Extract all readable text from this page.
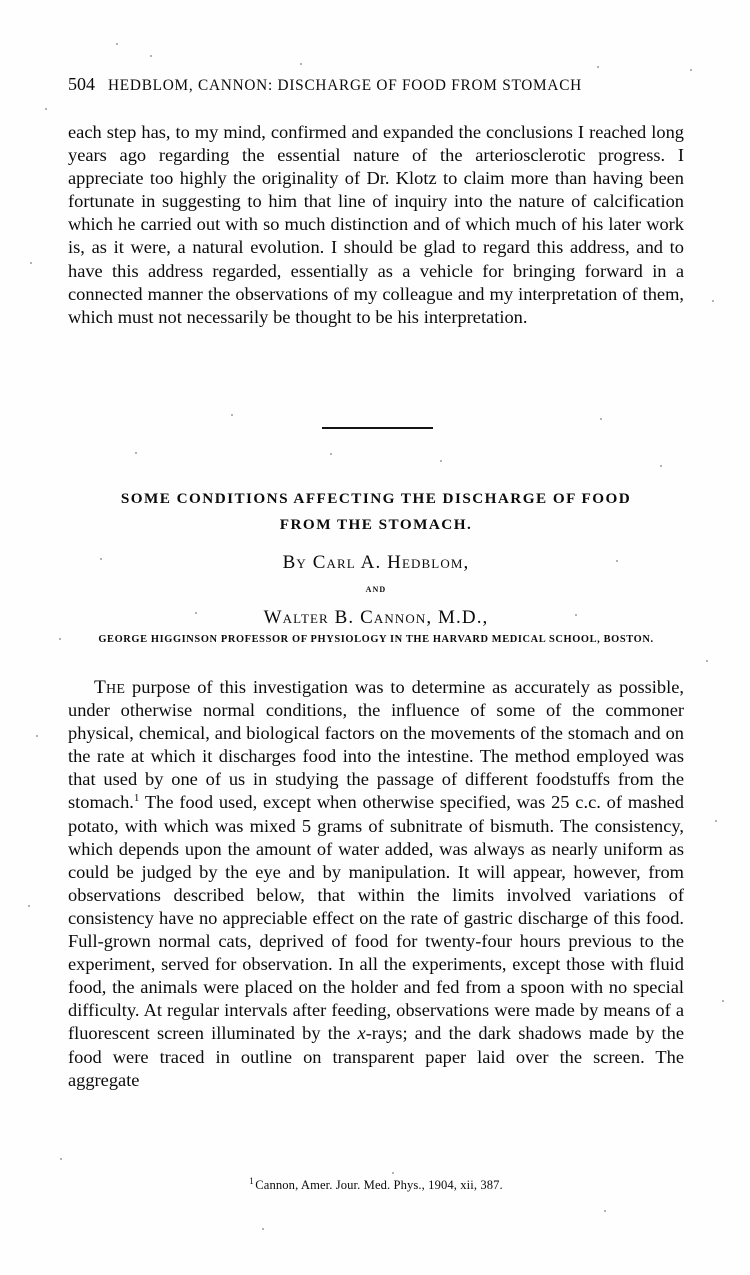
504 HEDBLOM, CANNON: DISCHARGE OF FOOD FROM STOMACH

each step has, to my mind, confirmed and expanded the conclusions I reached long years ago regarding the essential nature of the arteriosclerotic progress. I appreciate too highly the originality of Dr. Klotz to claim more than having been fortunate in suggesting to him that line of inquiry into the nature of calcification which he carried out with so much distinction and of which much of his later work is, as it were, a natural evolution. I should be glad to regard this address, and to have this address regarded, essentially as a vehicle for bringing forward in a connected manner the observations of my colleague and my interpretation of them, which must not necessarily be thought to be his interpretation.

SOME CONDITIONS AFFECTING THE DISCHARGE OF FOOD
FROM THE STOMACH.
By Carl A. Hedblom,
and
Walter B. Cannon, M.D.,
GEORGE HIGGINSON PROFESSOR OF PHYSIOLOGY IN THE HARVARD MEDICAL SCHOOL, BOSTON.

The purpose of this investigation was to determine as accurately as possible, under otherwise normal conditions, the influence of some of the commoner physical, chemical, and biological factors on the movements of the stomach and on the rate at which it discharges food into the intestine. The method employed was that used by one of us in studying the passage of different foodstuffs from the stomach.$^1$ The food used, except when otherwise specified, was 25 c.c. of mashed potato, with which was mixed 5 grams of subnitrate of bismuth. The consistency, which depends upon the amount of water added, was always as nearly uniform as could be judged by the eye and by manipulation. It will appear, however, from observations described below, that within the limits involved variations of consistency have no appreciable effect on the rate of gastric discharge of this food. Full-grown normal cats, deprived of food for twenty-four hours previous to the experiment, served for observation. In all the experiments, except those with fluid food, the animals were placed on the holder and fed from a spoon with no special difficulty. At regular intervals after feeding, observations were made by means of a fluorescent screen illuminated by the x-rays; and the dark shadows made by the food were traced in outline on transparent paper laid over the screen. The aggregate

$^1$ Cannon, Amer. Jour. Med. Phys., 1904, xii, 387.
